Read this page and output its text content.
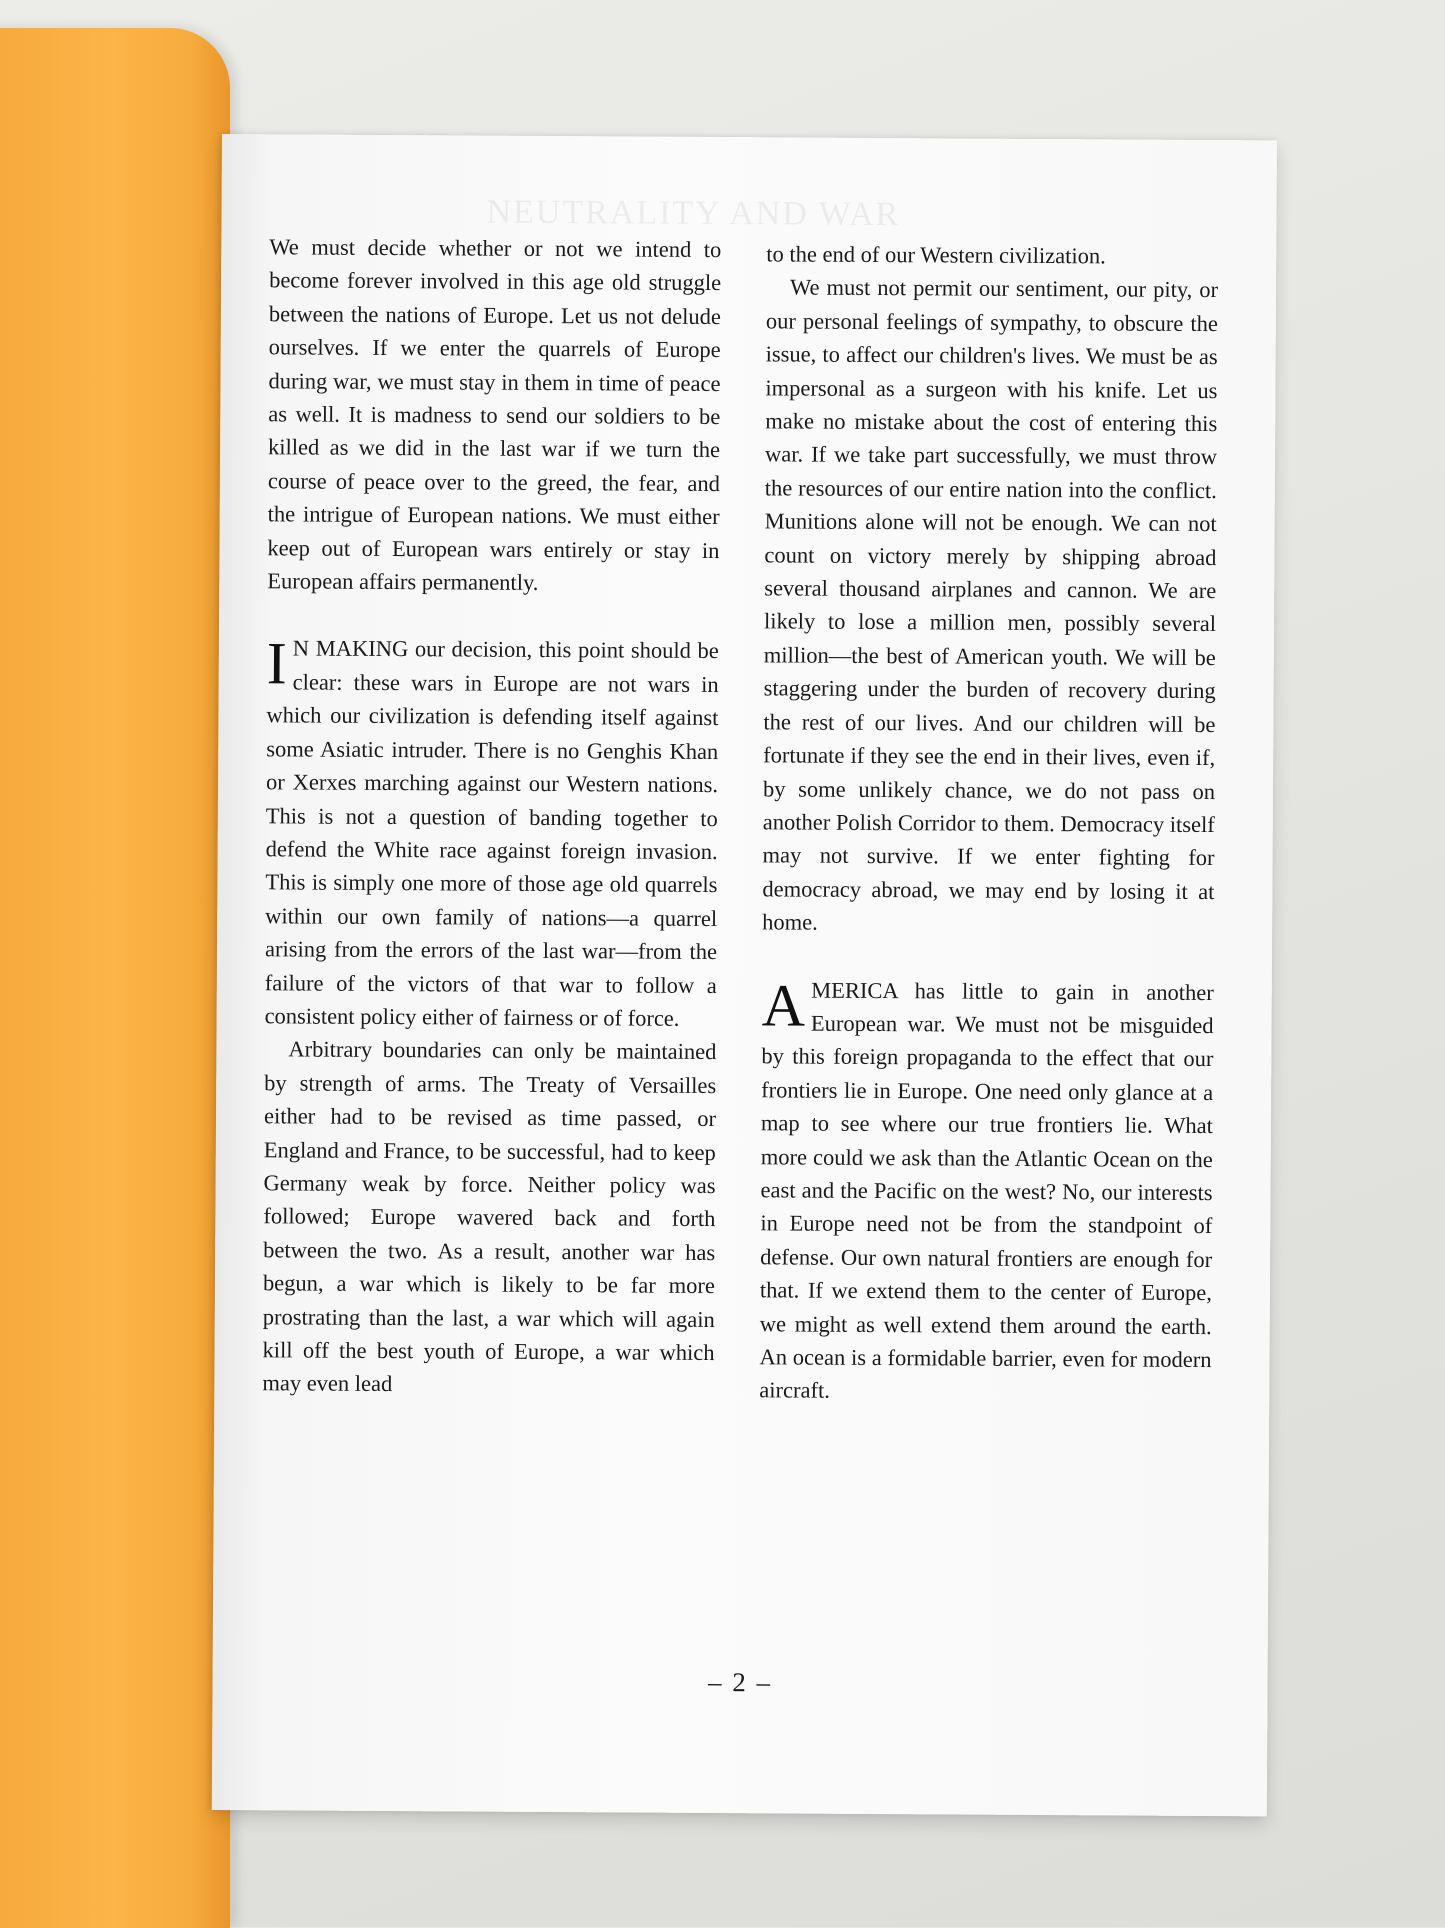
NEUTRALITY AND WAR

We must decide whether or not we intend to become forever involved in this age old struggle between the nations of Europe. Let us not delude ourselves. If we enter the quarrels of Europe during war, we must stay in them in time of peace as well. It is madness to send our soldiers to be killed as we did in the last war if we turn the course of peace over to the greed, the fear, and the intrigue of European nations. We must either keep out of European wars entirely or stay in European affairs permanently.

I N MAKING our decision, this point should be clear: these wars in Europe are not wars in which our civilization is defending itself against some Asiatic intruder. There is no Genghis Khan or Xerxes marching against our Western nations. This is not a question of banding together to defend the White race against foreign invasion. This is simply one more of those age old quarrels within our own family of nations—a quarrel arising from the errors of the last war—from the failure of the victors of that war to follow a consistent policy either of fairness or of force.

Arbitrary boundaries can only be maintained by strength of arms. The Treaty of Versailles either had to be revised as time passed, or England and France, to be successful, had to keep Germany weak by force. Neither policy was followed; Europe wavered back and forth between the two. As a result, another war has begun, a war which is likely to be far more prostrating than the last, a war which will again kill off the best youth of Europe, a war which may even lead

to the end of our Western civilization.

We must not permit our sentiment, our pity, or our personal feelings of sympathy, to obscure the issue, to affect our children's lives. We must be as impersonal as a surgeon with his knife. Let us make no mistake about the cost of entering this war. If we take part successfully, we must throw the resources of our entire nation into the conflict. Munitions alone will not be enough. We can not count on victory merely by shipping abroad several thousand airplanes and cannon. We are likely to lose a million men, possibly several million—the best of American youth. We will be staggering under the burden of recovery during the rest of our lives. And our children will be fortunate if they see the end in their lives, even if, by some unlikely chance, we do not pass on another Polish Corridor to them. Democracy itself may not survive. If we enter fighting for democracy abroad, we may end by losing it at home.

AMERICA has little to gain in another European war. We must not be misguided by this foreign propaganda to the effect that our frontiers lie in Europe. One need only glance at a map to see where our true frontiers lie. What more could we ask than the Atlantic Ocean on the east and the Pacific on the west? No, our interests in Europe need not be from the standpoint of defense. Our own natural frontiers are enough for that. If we extend them to the center of Europe, we might as well extend them around the earth. An ocean is a formidable barrier, even for modern aircraft.

– 2 –
